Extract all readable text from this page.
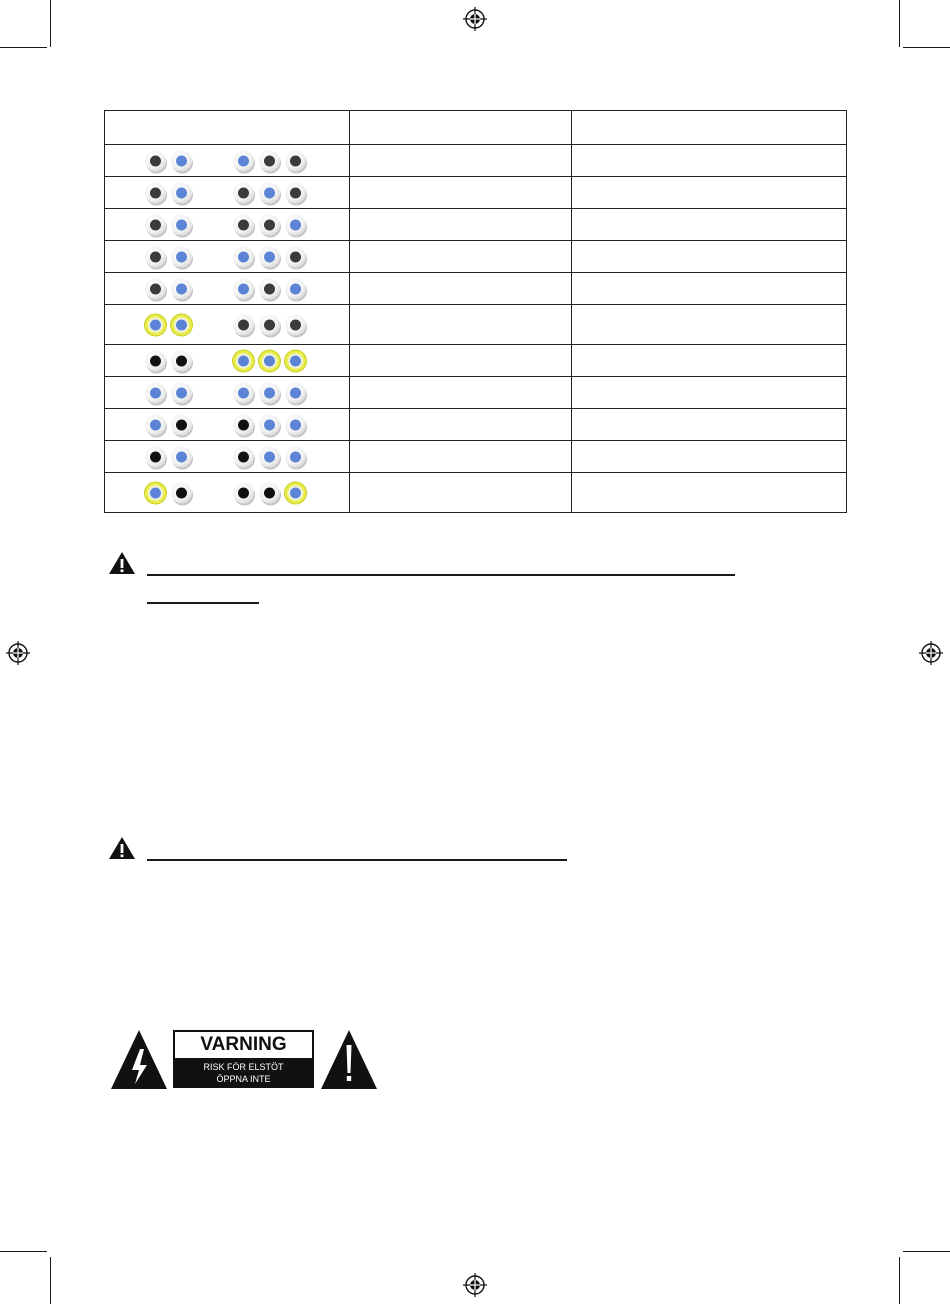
VARNING
RISK FÖR ELSTÖT
ÖPPNA INTE
